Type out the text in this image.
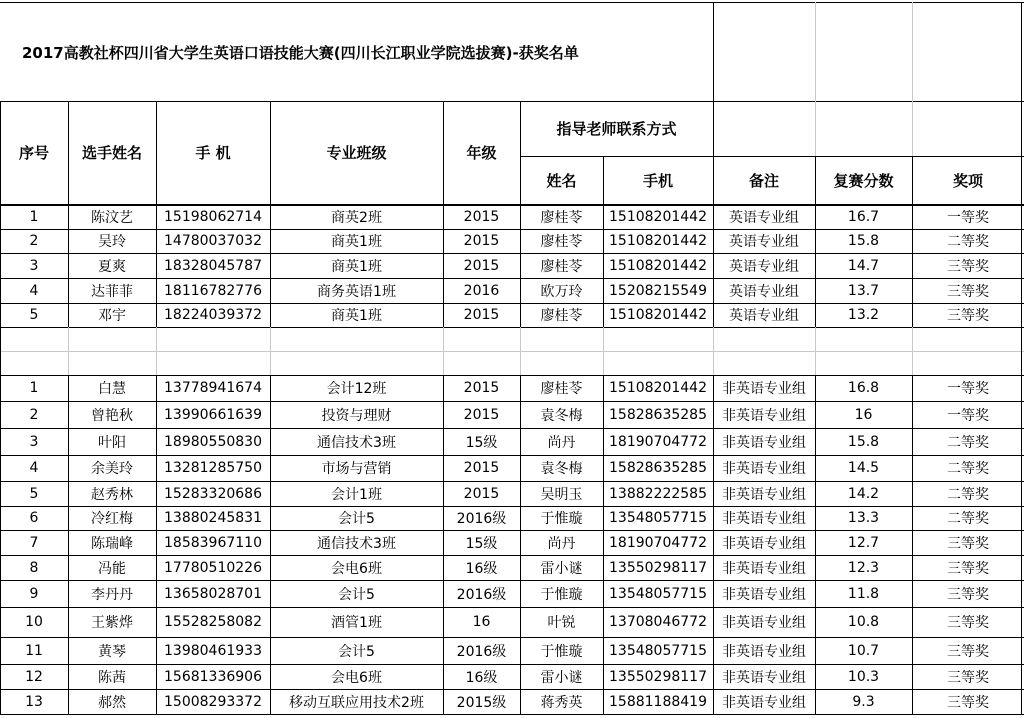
2017高教社杯四川省大学生英语口语技能大赛(四川长江职业学院选拔赛)-获奖名单
序号	选手姓名	手 机	专业班级	年级
指导老师联系方式
姓名	手机	备注	复赛分数	奖项
1	陈汶艺	15198062714	商英2班	2015	廖桂苓	15108201442	英语专业组	16.7	一等奖
2	吴玲	14780037032	商英1班	2015	廖桂苓	15108201442	英语专业组	15.8	二等奖
3	夏爽	18328045787	商英1班	2015	廖桂苓	15108201442	英语专业组	14.7	三等奖
4	达菲菲	18116782776	商务英语1班	2016	欧万玲	15208215549	英语专业组	13.7	三等奖
5	邓宇	18224039372	商英1班	2015	廖桂苓	15108201442	英语专业组	13.2	三等奖
1	白慧	13778941674	会计12班	2015	廖桂苓	15108201442	非英语专业组	16.8	一等奖
2	曾艳秋	13990661639	投资与理财	2015	袁冬梅	15828635285	非英语专业组	16	一等奖
3	叶阳	18980550830	通信技术3班	15级	尚丹	18190704772	非英语专业组	15.8	二等奖
4	余美玲	13281285750	市场与营销	2015	袁冬梅	15828635285	非英语专业组	14.5	二等奖
5	赵秀林	15283320686	会计1班	2015	吴明玉	13882222585	非英语专业组	14.2	二等奖
6	冷红梅	13880245831	会计5	2016级	于惟璇	13548057715	非英语专业组	13.3	二等奖
7	陈瑞峰	18583967110	通信技术3班	15级	尚丹	18190704772	非英语专业组	12.7	三等奖
8	冯能	17780510226	会电6班	16级	雷小谜	13550298117	非英语专业组	12.3	三等奖
9	李丹丹	13658028701	会计5	2016级	于惟璇	13548057715	非英语专业组	11.8	三等奖
10	王紫烨	15528258082	酒管1班	16	叶锐	13708046772	非英语专业组	10.8	三等奖
11	黄琴	13980461933	会计5	2016级	于惟璇	13548057715	非英语专业组	10.7	三等奖
12	陈茜	15681336906	会电6班	16级	雷小谜	13550298117	非英语专业组	10.3	三等奖
13	郝然	15008293372	移动互联应用技术2班	2015级	蒋秀英	15881188419	非英语专业组	9.3	三等奖
